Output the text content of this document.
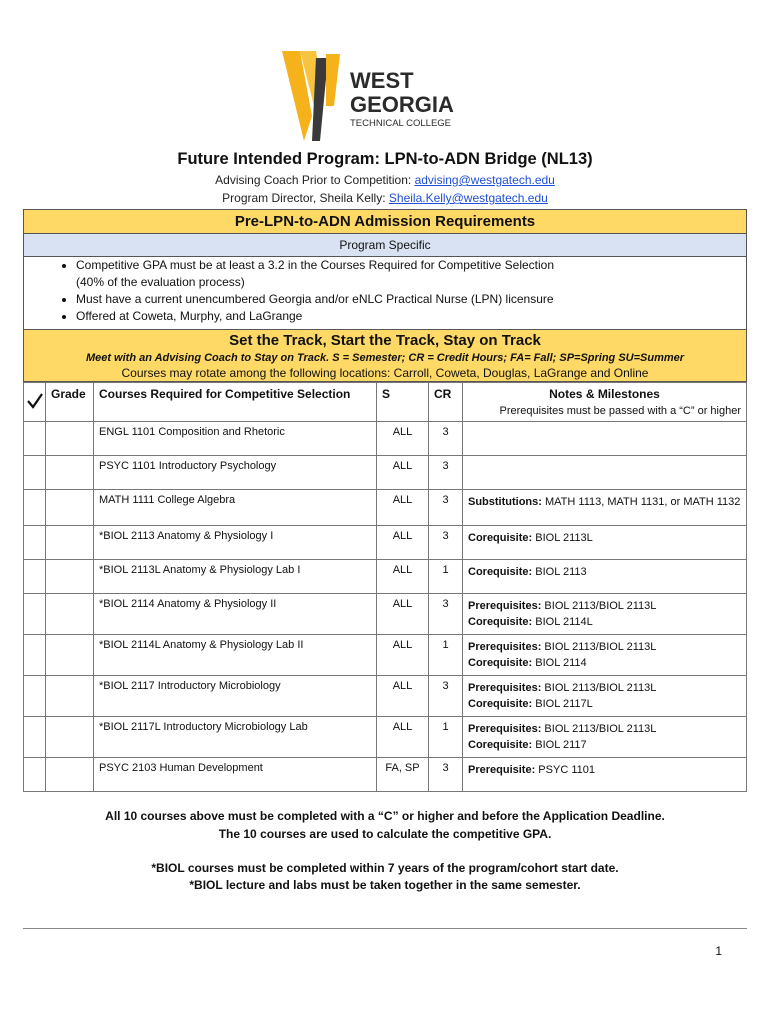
WEST
GEORGIA
TECHNICAL COLLEGE
Future Intended Program: LPN-to-ADN Bridge (NL13)
Advising Coach Prior to Competition: advising@westgatech.edu
Program Director, Sheila Kelly: Sheila.Kelly@westgatech.edu
Pre-LPN-to-ADN Admission Requirements
Program Specific
• Competitive GPA must be at least a 3.2 in the Courses Required for Competitive Selection
(40% of the evaluation process)
• Must have a current unencumbered Georgia and/or eNLC Practical Nurse (LPN) licensure
• Offered at Coweta, Murphy, and LaGrange
Set the Track, Start the Track, Stay on Track
Meet with an Advising Coach to Stay on Track. S = Semester; CR = Credit Hours; FA= Fall; SP=Spring SU=Summer
Courses may rotate among the following locations: Carroll, Coweta, Douglas, LaGrange and Online
	Grade	Courses Required for Competitive Selection	S	CR	Notes & Milestones
Prerequisites must be passed with a “C” or higher

		ENGL 1101 Composition and Rhetoric	ALL	3	
		PSYC 1101 Introductory Psychology	ALL	3	
		MATH 1111 College Algebra	ALL	3	Substitutions: MATH 1113, MATH 1131, or MATH 1132

		*BIOL 2113 Anatomy & Physiology I	ALL	3	Corequisite: BIOL 2113L

		*BIOL 2113L Anatomy & Physiology Lab I	ALL	1	Corequisite: BIOL 2113

		*BIOL 2114 Anatomy & Physiology II	ALL	3	Prerequisites: BIOL 2113/BIOL 2113L
Corequisite: BIOL 2114L

		*BIOL 2114L Anatomy & Physiology Lab II	ALL	1	Prerequisites: BIOL 2113/BIOL 2113L
Corequisite: BIOL 2114

		*BIOL 2117 Introductory Microbiology	ALL	3	Prerequisites: BIOL 2113/BIOL 2113L
Corequisite: BIOL 2117L

		*BIOL 2117L Introductory Microbiology Lab	ALL	1	Prerequisites: BIOL 2113/BIOL 2113L
Corequisite: BIOL 2117

		PSYC 2103 Human Development	FA, SP	3	Prerequisite: PSYC 1101
All 10 courses above must be completed with a “C” or higher and before the Application Deadline.
The 10 courses are used to calculate the competitive GPA.
*BIOL courses must be completed within 7 years of the program/cohort start date.
*BIOL lecture and labs must be taken together in the same semester.
1
